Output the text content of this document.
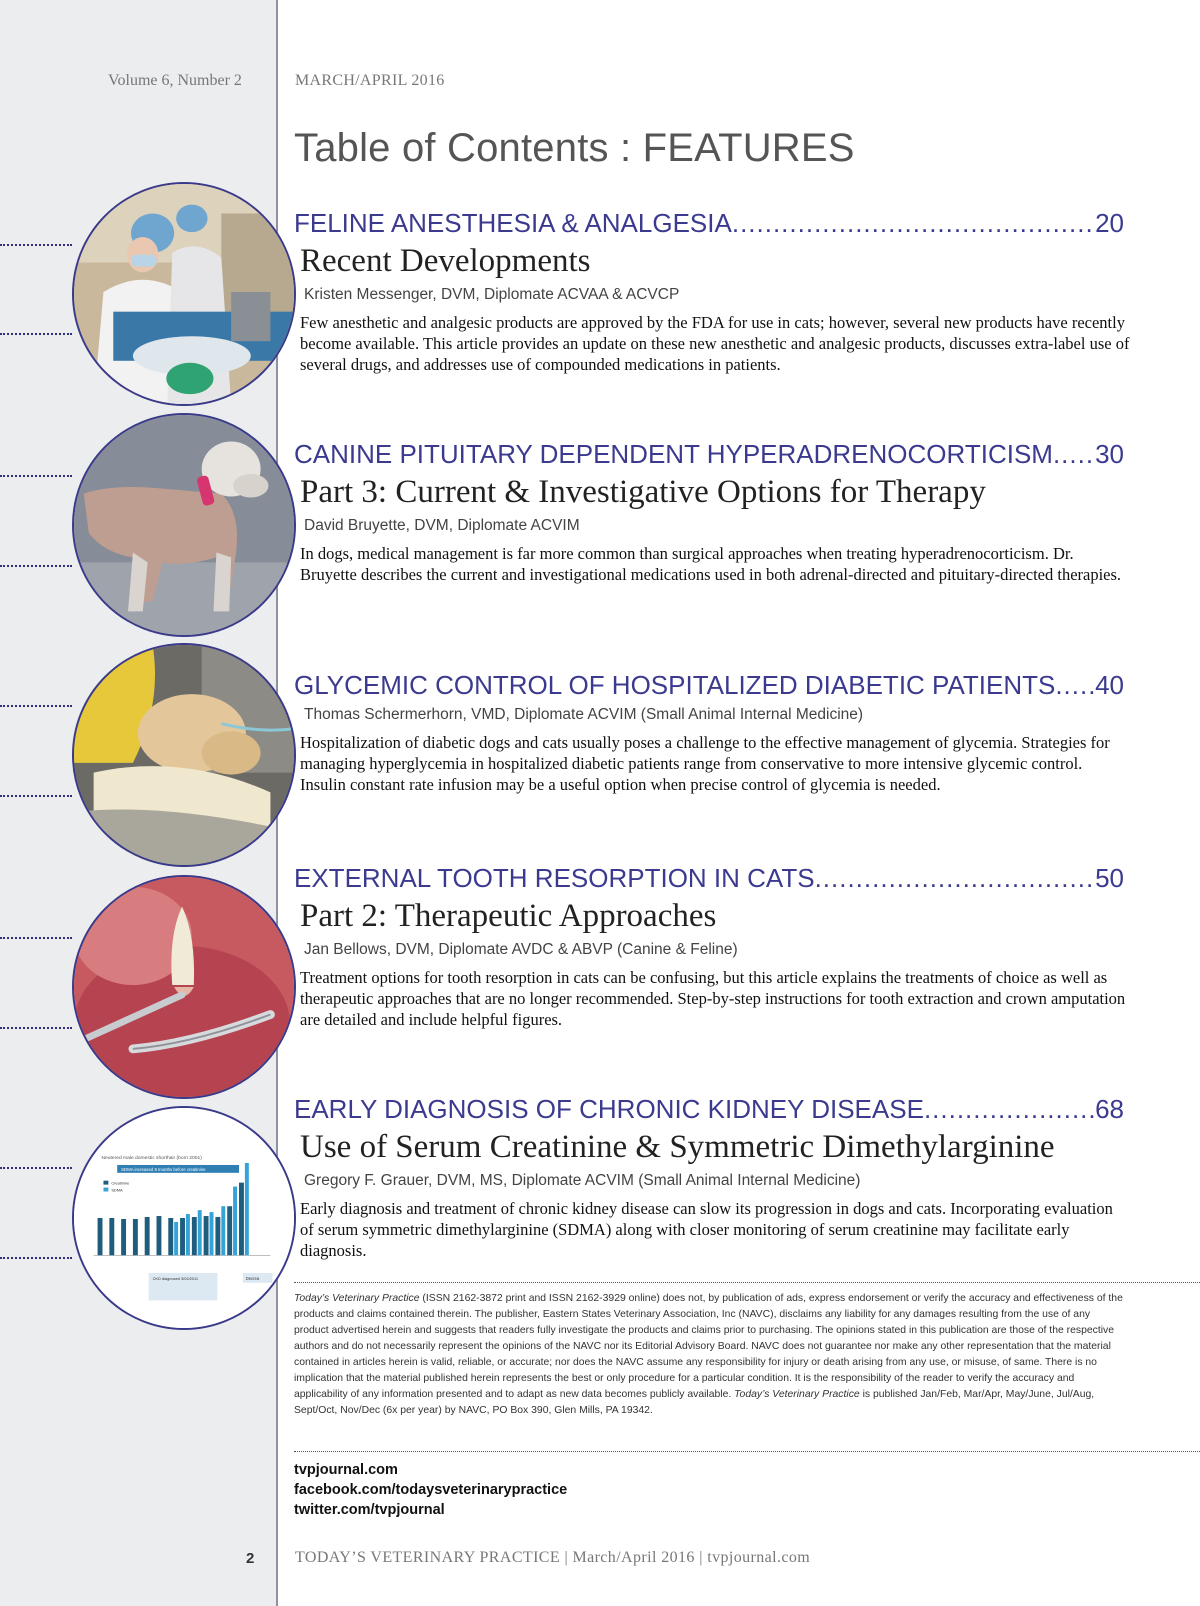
Volume 6, Number 2	MARCH/APRIL 2016
Table of Contents : FEATURES
Neutered male domestic shorthair (born 2001)
SDMA increased 8 months before creatinine
Creatinine
SDMA
CKD diagnosed 3/02/2011	Decrea
FELINE ANESTHESIA & ANALGESIA .....	20
Recent Developments
Kristen Messenger, DVM, Diplomate ACVAA & ACVCP
Few anesthetic and analgesic products are approved by the FDA for use in cats; however, several new products have recently become available. This article provides an update on these new anesthetic and analgesic products, discusses extra-label use of several drugs, and addresses use of compounded medications in patients.
CANINE PITUITARY DEPENDENT HYPERADRENOCORTICISM ..... 30
Part 3: Current & Investigative Options for Therapy
David Bruyette, DVM, Diplomate ACVIM
In dogs, medical management is far more common than surgical approaches when treating hyperadrenocorticism. Dr. Bruyette describes the current and investigational medications used in both adrenal-directed and pituitary-directed therapies.
GLYCEMIC CONTROL OF HOSPITALIZED DIABETIC PATIENTS ..... 40
Thomas Schermerhorn, VMD, Diplomate ACVIM (Small Animal Internal Medicine)
Hospitalization of diabetic dogs and cats usually poses a challenge to the effective management of glycemia. Strategies for managing hyperglycemia in hospitalized diabetic patients range from conservative to more intensive glycemic control. Insulin constant rate infusion may be a useful option when precise control of glycemia is needed.
EXTERNAL TOOTH RESORPTION IN CATS .....	50
Part 2: Therapeutic Approaches
Jan Bellows, DVM, Diplomate AVDC & ABVP (Canine & Feline)
Treatment options for tooth resorption in cats can be confusing, but this article explains the treatments of choice as well as therapeutic approaches that are no longer recommended. Step-by-step instructions for tooth extraction and crown amputation are detailed and include helpful figures.
EARLY DIAGNOSIS OF CHRONIC KIDNEY DISEASE .....	68
Use of Serum Creatinine & Symmetric Dimethylarginine
Gregory F. Grauer, DVM, MS, Diplomate ACVIM (Small Animal Internal Medicine)
Early diagnosis and treatment of chronic kidney disease can slow its progression in dogs and cats. Incorporating evaluation of serum symmetric dimethylarginine (SDMA) along with closer monitoring of serum creatinine may facilitate early diagnosis.
Today’s Veterinary Practice (ISSN 2162-3872 print and ISSN 2162-3929 online) does not, by publication of ads, express endorsement or verify the accuracy and effectiveness of the products and claims contained therein. The publisher, Eastern States Veterinary Association, Inc (NAVC), disclaims any liability for any damages resulting from the use of any product advertised herein and suggests that readers fully investigate the products and claims prior to purchasing. The opinions stated in this publication are those of the respective authors and do not necessarily represent the opinions of the NAVC nor its Editorial Advisory Board. NAVC does not guarantee nor make any other representation that the material contained in articles herein is valid, reliable, or accurate; nor does the NAVC assume any responsibility for injury or death arising from any use, or misuse, of same. There is no implication that the material published herein represents the best or only procedure for a particular condition. It is the responsibility of the reader to verify the accuracy and applicability of any information presented and to adapt as new data becomes publicly available. Today’s Veterinary Practice is published Jan/Feb, Mar/Apr, May/June, Jul/Aug, Sept/Oct, Nov/Dec (6x per year) by NAVC, PO Box 390, Glen Mills, PA 19342.
tvpjournal.com
facebook.com/todaysveterinarypractice
twitter.com/tvpjournal
2	TODAY’S VETERINARY PRACTICE | March/April 2016 | tvpjournal.com
